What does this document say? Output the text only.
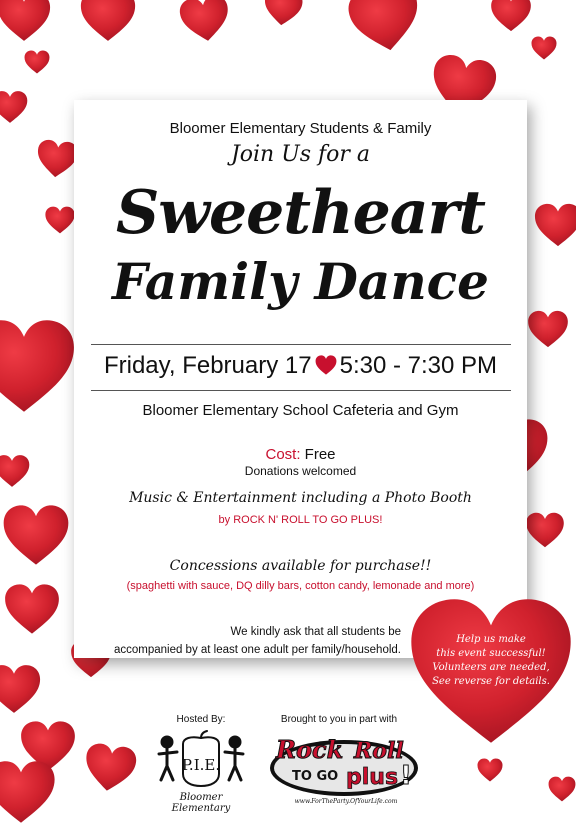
Bloomer Elementary Students & Family
Join Us for a
Sweetheart
Family Dance
Friday, February 17 5:30 - 7:30 PM
Bloomer Elementary School Cafeteria and Gym
Cost: Free
Donations welcomed
Music & Entertainment including a Photo Booth
by ROCK N' ROLL TO GO PLUS!
Concessions available for purchase!!
(spaghetti with sauce, DQ dilly bars, cotton candy, lemonade and more)
We kindly ask that all students be
accompanied by at least one adult per family/household.
Help us make
this event successful!
Volunteers are needed,
See reverse for details.
Hosted By:	Brought to you in part with
P.I.E.
Bloomer Elementary
Rock Roll
TO GO plus !
www.ForTheParty.OfYourLife.com
